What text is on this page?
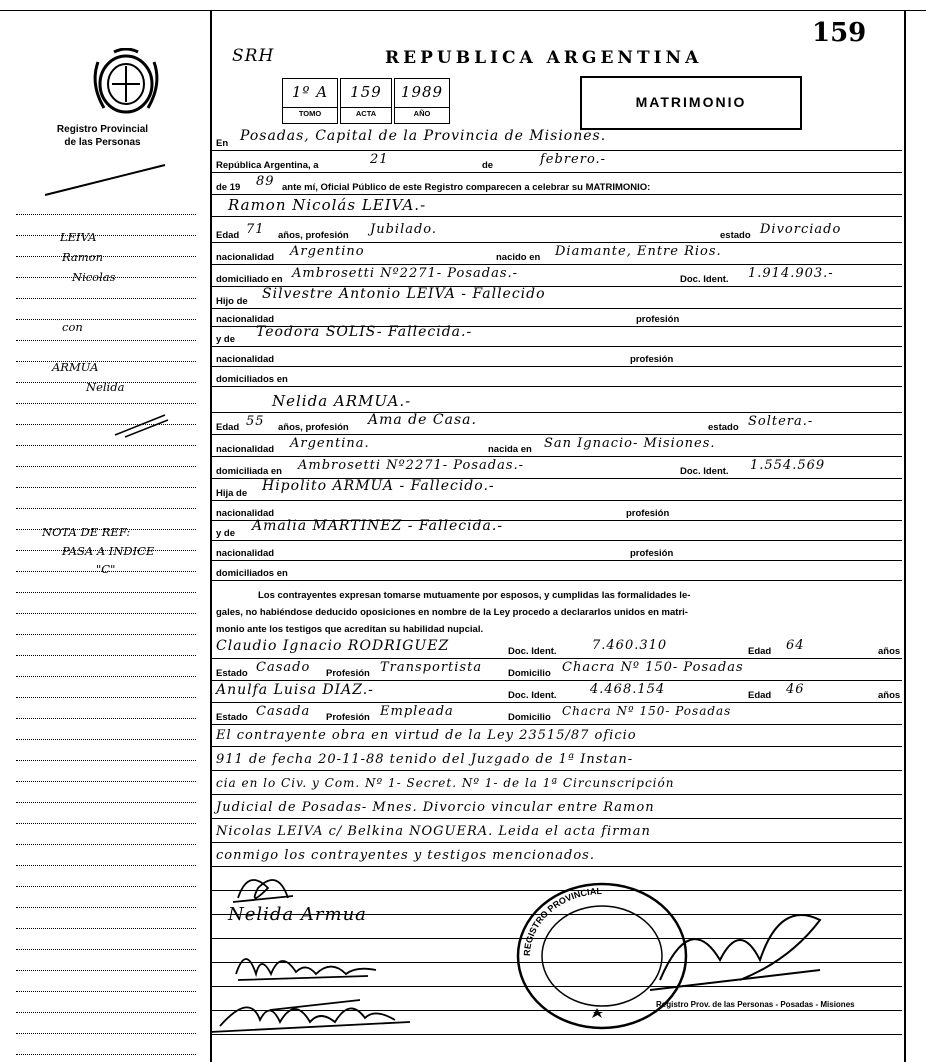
159
SRH	REPUBLICA ARGENTINA
1º A
TOMO
159
ACTA
1989
AÑO
MATRIMONIO
Registro Provincial
de las Personas
LEIVA
Ramon
Nicolas
con
ARMUA
Nelida
NOTA DE REF:
PASA A INDICE
"C"
En Posadas, Capital de la Provincia de Misiones.
República Argentina, a	21	de	febrero.-
de 19 89 ante mí, Oficial Público de este Registro comparecen a celebrar su MATRIMONIO:
Ramon Nicolás LEIVA.-
Edad 71 años, profesión Jubilado.	estado Divorciado
nacionalidad Argentino	nacido en Diamante, Entre Rios.
domiciliado en Ambrosetti Nº2271- Posadas.-	Doc. Ident. 1.914.903.-
Hijo de Silvestre Antonio LEIVA - Fallecido
nacionalidad	profesión
y de Teodora SOLIS- Fallecida.-
nacionalidad	profesión
domiciliados en
Nelida ARMUA.-
Edad 55 años, profesión Ama de Casa.	estado Soltera.-
nacionalidad Argentina.	nacida en San Ignacio- Misiones.
domiciliada en Ambrosetti Nº2271- Posadas.-	Doc. Ident. 1.554.569
Hija de Hipolito ARMUA - Fallecido.-
nacionalidad	profesión
y de Amalia MARTINEZ - Fallecida.-
nacionalidad	profesión
domiciliados en
Los contrayentes expresan tomarse mutuamente por esposos, y cumplidas las formalidades le-
gales, no habiéndose deducido oposiciones en nombre de la Ley procedo a declararlos unidos en matri-
monio ante los testigos que acreditan su habilidad nupcial.
Claudio Ignacio RODRIGUEZ	Doc. Ident.	7.460.310	Edad 64	años
Estado Casado Profesión Transportista	Domicilio Chacra Nº 150- Posadas
Anulfa Luisa DIAZ.-	Doc. Ident.	4.468.154	Edad 46	años
Estado Casada Profesión Empleada	Domicilio Chacra Nº 150- Posadas
El contrayente obra en virtud de la Ley 23515/87 oficio
911 de fecha 20-11-88 tenido del Juzgado de 1ª Instan-
cia en lo Civ. y Com. Nº 1- Secret. Nº 1- de la 1ª Circunscripción
Judicial de Posadas- Mnes. Divorcio vincular entre Ramon
Nicolas LEIVA c/ Belkina NOGUERA. Leida el acta firman
conmigo los contrayentes y testigos mencionados.
Nelida Armua
REGISTRO PROVINCIAL
Registro Prov. de las Personas - Posadas - Misiones
